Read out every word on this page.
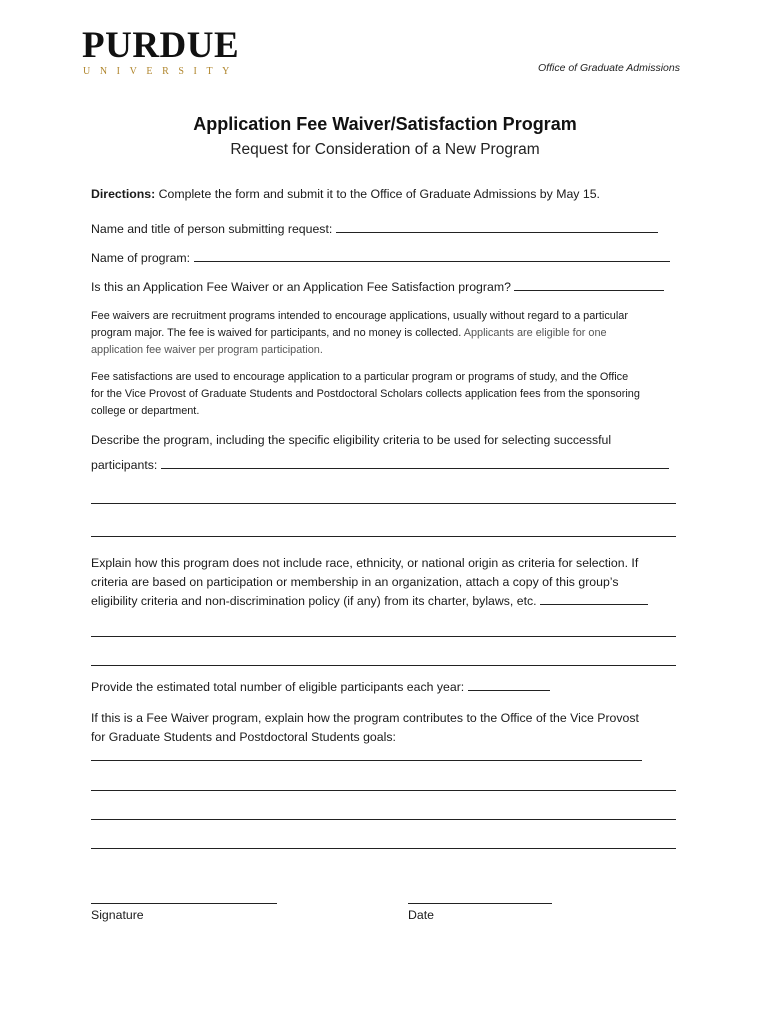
PURDUE
UNIVERSITY	Office of Graduate Admissions
Application Fee Waiver/Satisfaction Program
Request for Consideration of a New Program
Directions: Complete the form and submit it to the Office of Graduate Admissions by May 15.
Name and title of person submitting request:
Name of program:
Is this an Application Fee Waiver or an Application Fee Satisfaction program?
Fee waivers are recruitment programs intended to encourage applications, usually without regard to a particular
program major. The fee is waived for participants, and no money is collected. Applicants are eligible for one
application fee waiver per program participation.
Fee satisfactions are used to encourage application to a particular program or programs of study, and the Office
for the Vice Provost of Graduate Students and Postdoctoral Scholars collects application fees from the sponsoring
college or department.
Describe the program, including the specific eligibility criteria to be used for selecting successful
participants:
Explain how this program does not include race, ethnicity, or national origin as criteria for selection. If
criteria are based on participation or membership in an organization, attach a copy of this group’s
eligibility criteria and non-discrimination policy (if any) from its charter, bylaws, etc.
Provide the estimated total number of eligible participants each year:
If this is a Fee Waiver program, explain how the program contributes to the Office of the Vice Provost
for Graduate Students and Postdoctoral Students goals:
Signature	Date
